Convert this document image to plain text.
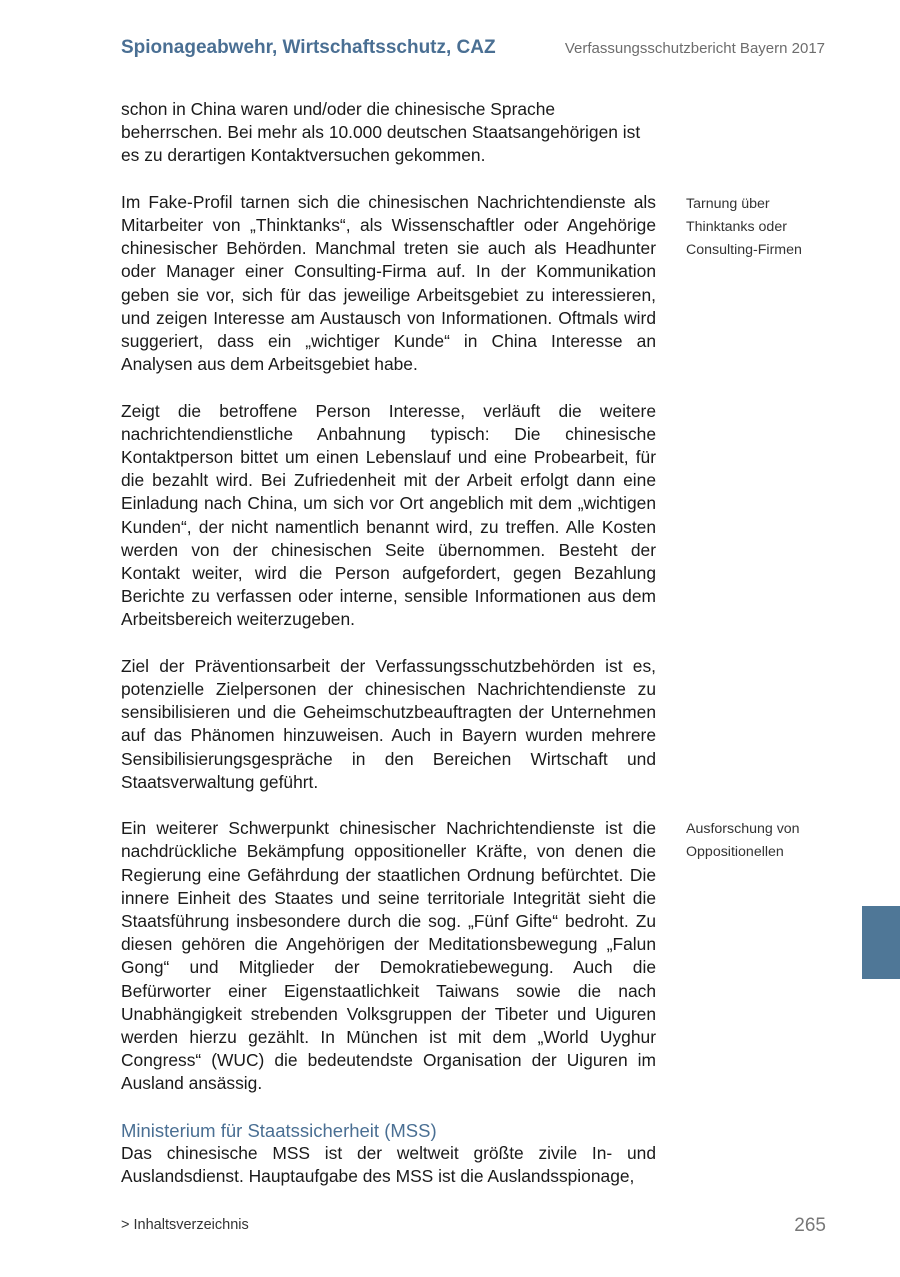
Spionageabwehr, Wirtschaftsschutz, CAZ	Verfassungsschutzbericht Bayern 2017

schon in China waren und/oder die chinesische Sprache beherrschen. Bei mehr als 10.000 deutschen Staatsangehörigen ist es zu derartigen Kontaktversuchen gekommen.

Im Fake-Profil tarnen sich die chinesischen Nachrichtendienste als Mitarbeiter von „Thinktanks“, als Wissenschaftler oder Angehörige chinesischer Behörden. Manchmal treten sie auch als Headhunter oder Manager einer Consulting-Firma auf. In der Kommunikation geben sie vor, sich für das jeweilige Arbeitsgebiet zu interessieren, und zeigen Interesse am Austausch von Informationen. Oftmals wird suggeriert, dass ein „wichtiger Kunde“ in China Interesse an Analysen aus dem Arbeitsgebiet habe.

Zeigt die betroffene Person Interesse, verläuft die weitere nachrichtendienstliche Anbahnung typisch: Die chinesische Kontaktperson bittet um einen Lebenslauf und eine Probearbeit, für die bezahlt wird. Bei Zufriedenheit mit der Arbeit erfolgt dann eine Einladung nach China, um sich vor Ort angeblich mit dem „wichtigen Kunden“, der nicht namentlich benannt wird, zu treffen. Alle Kosten werden von der chinesischen Seite übernommen. Besteht der Kontakt weiter, wird die Person aufgefordert, gegen Bezahlung Berichte zu verfassen oder interne, sensible Informationen aus dem Arbeitsbereich weiterzugeben.

Ziel der Präventionsarbeit der Verfassungsschutzbehörden ist es, potenzielle Zielpersonen der chinesischen Nachrichtendienste zu sensibilisieren und die Geheimschutzbeauftragten der Unternehmen auf das Phänomen hinzuweisen. Auch in Bayern wurden mehrere Sensibilisierungsgespräche in den Bereichen Wirtschaft und Staatsverwaltung geführt.

Ein weiterer Schwerpunkt chinesischer Nachrichtendienste ist die nachdrückliche Bekämpfung oppositioneller Kräfte, von denen die Regierung eine Gefährdung der staatlichen Ordnung befürchtet. Die innere Einheit des Staates und seine territoriale Integrität sieht die Staatsführung insbesondere durch die sog. „Fünf Gifte“ bedroht. Zu diesen gehören die Angehörigen der Meditationsbewegung „Falun Gong“ und Mitglieder der Demokratiebewegung. Auch die Befürworter einer Eigenstaatlichkeit Taiwans sowie die nach Unabhängigkeit strebenden Volksgruppen der Tibeter und Uiguren werden hierzu gezählt. In München ist mit dem „World Uyghur Congress“ (WUC) die bedeutendste Organisation der Uiguren im Ausland ansässig.

Ministerium für Staatssicherheit (MSS)

Das chinesische MSS ist der weltweit größte zivile In- und Auslandsdienst. Hauptaufgabe des MSS ist die Auslandsspionage,

Tarnung über Thinktanks oder Consulting-Firmen
Ausforschung von Oppositionellen
> Inhaltsverzeichnis	265
